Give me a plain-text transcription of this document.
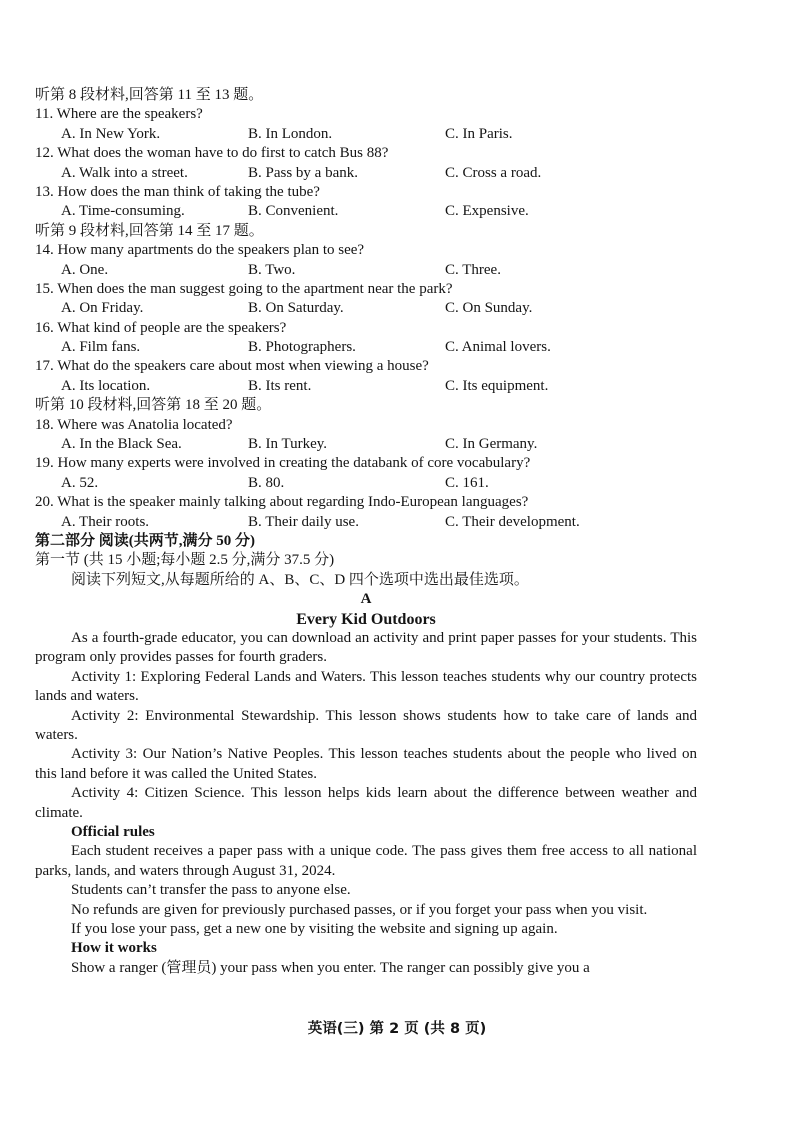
听第 8 段材料,回答第 11 至 13 题。
11. Where are the speakers?
A. In New York.	B. In London.	C. In Paris.
12. What does the woman have to do first to catch Bus 88?
A. Walk into a street.	B. Pass by a bank.	C. Cross a road.
13. How does the man think of taking the tube?
A. Time-consuming.	B. Convenient.	C. Expensive.
听第 9 段材料,回答第 14 至 17 题。
14. How many apartments do the speakers plan to see?
A. One.	B. Two.	C. Three.
15. When does the man suggest going to the apartment near the park?
A. On Friday.	B. On Saturday.	C. On Sunday.
16. What kind of people are the speakers?
A. Film fans.	B. Photographers.	C. Animal lovers.
17. What do the speakers care about most when viewing a house?
A. Its location.	B. Its rent.	C. Its equipment.
听第 10 段材料,回答第 18 至 20 题。
18. Where was Anatolia located?
A. In the Black Sea.	B. In Turkey.	C. In Germany.
19. How many experts were involved in creating the databank of core vocabulary?
A. 52.	B. 80.	C. 161.
20. What is the speaker mainly talking about regarding Indo-European languages?
A. Their roots.	B. Their daily use.	C. Their development.
第二部分 阅读(共两节,满分 50 分)
第一节 (共 15 小题;每小题 2.5 分,满分 37.5 分)
阅读下列短文,从每题所给的 A、B、C、D 四个选项中选出最佳选项。
A
Every Kid Outdoors
As a fourth-grade educator, you can download an activity and print paper passes for your students. This program only provides passes for fourth graders.
Activity 1: Exploring Federal Lands and Waters. This lesson teaches students why our country protects lands and waters.
Activity 2: Environmental Stewardship. This lesson shows students how to take care of lands and waters.
Activity 3: Our Nation’s Native Peoples. This lesson teaches students about the people who lived on this land before it was called the United States.
Activity 4: Citizen Science. This lesson helps kids learn about the difference between weather and climate.
Official rules
Each student receives a paper pass with a unique code. The pass gives them free access to all national parks, lands, and waters through August 31, 2024.
Students can’t transfer the pass to anyone else.
No refunds are given for previously purchased passes, or if you forget your pass when you visit.
If you lose your pass, get a new one by visiting the website and signing up again.
How it works
Show a ranger (管理员) your pass when you enter. The ranger can possibly give you a
英语(三) 第 2 页 (共 8 页)
